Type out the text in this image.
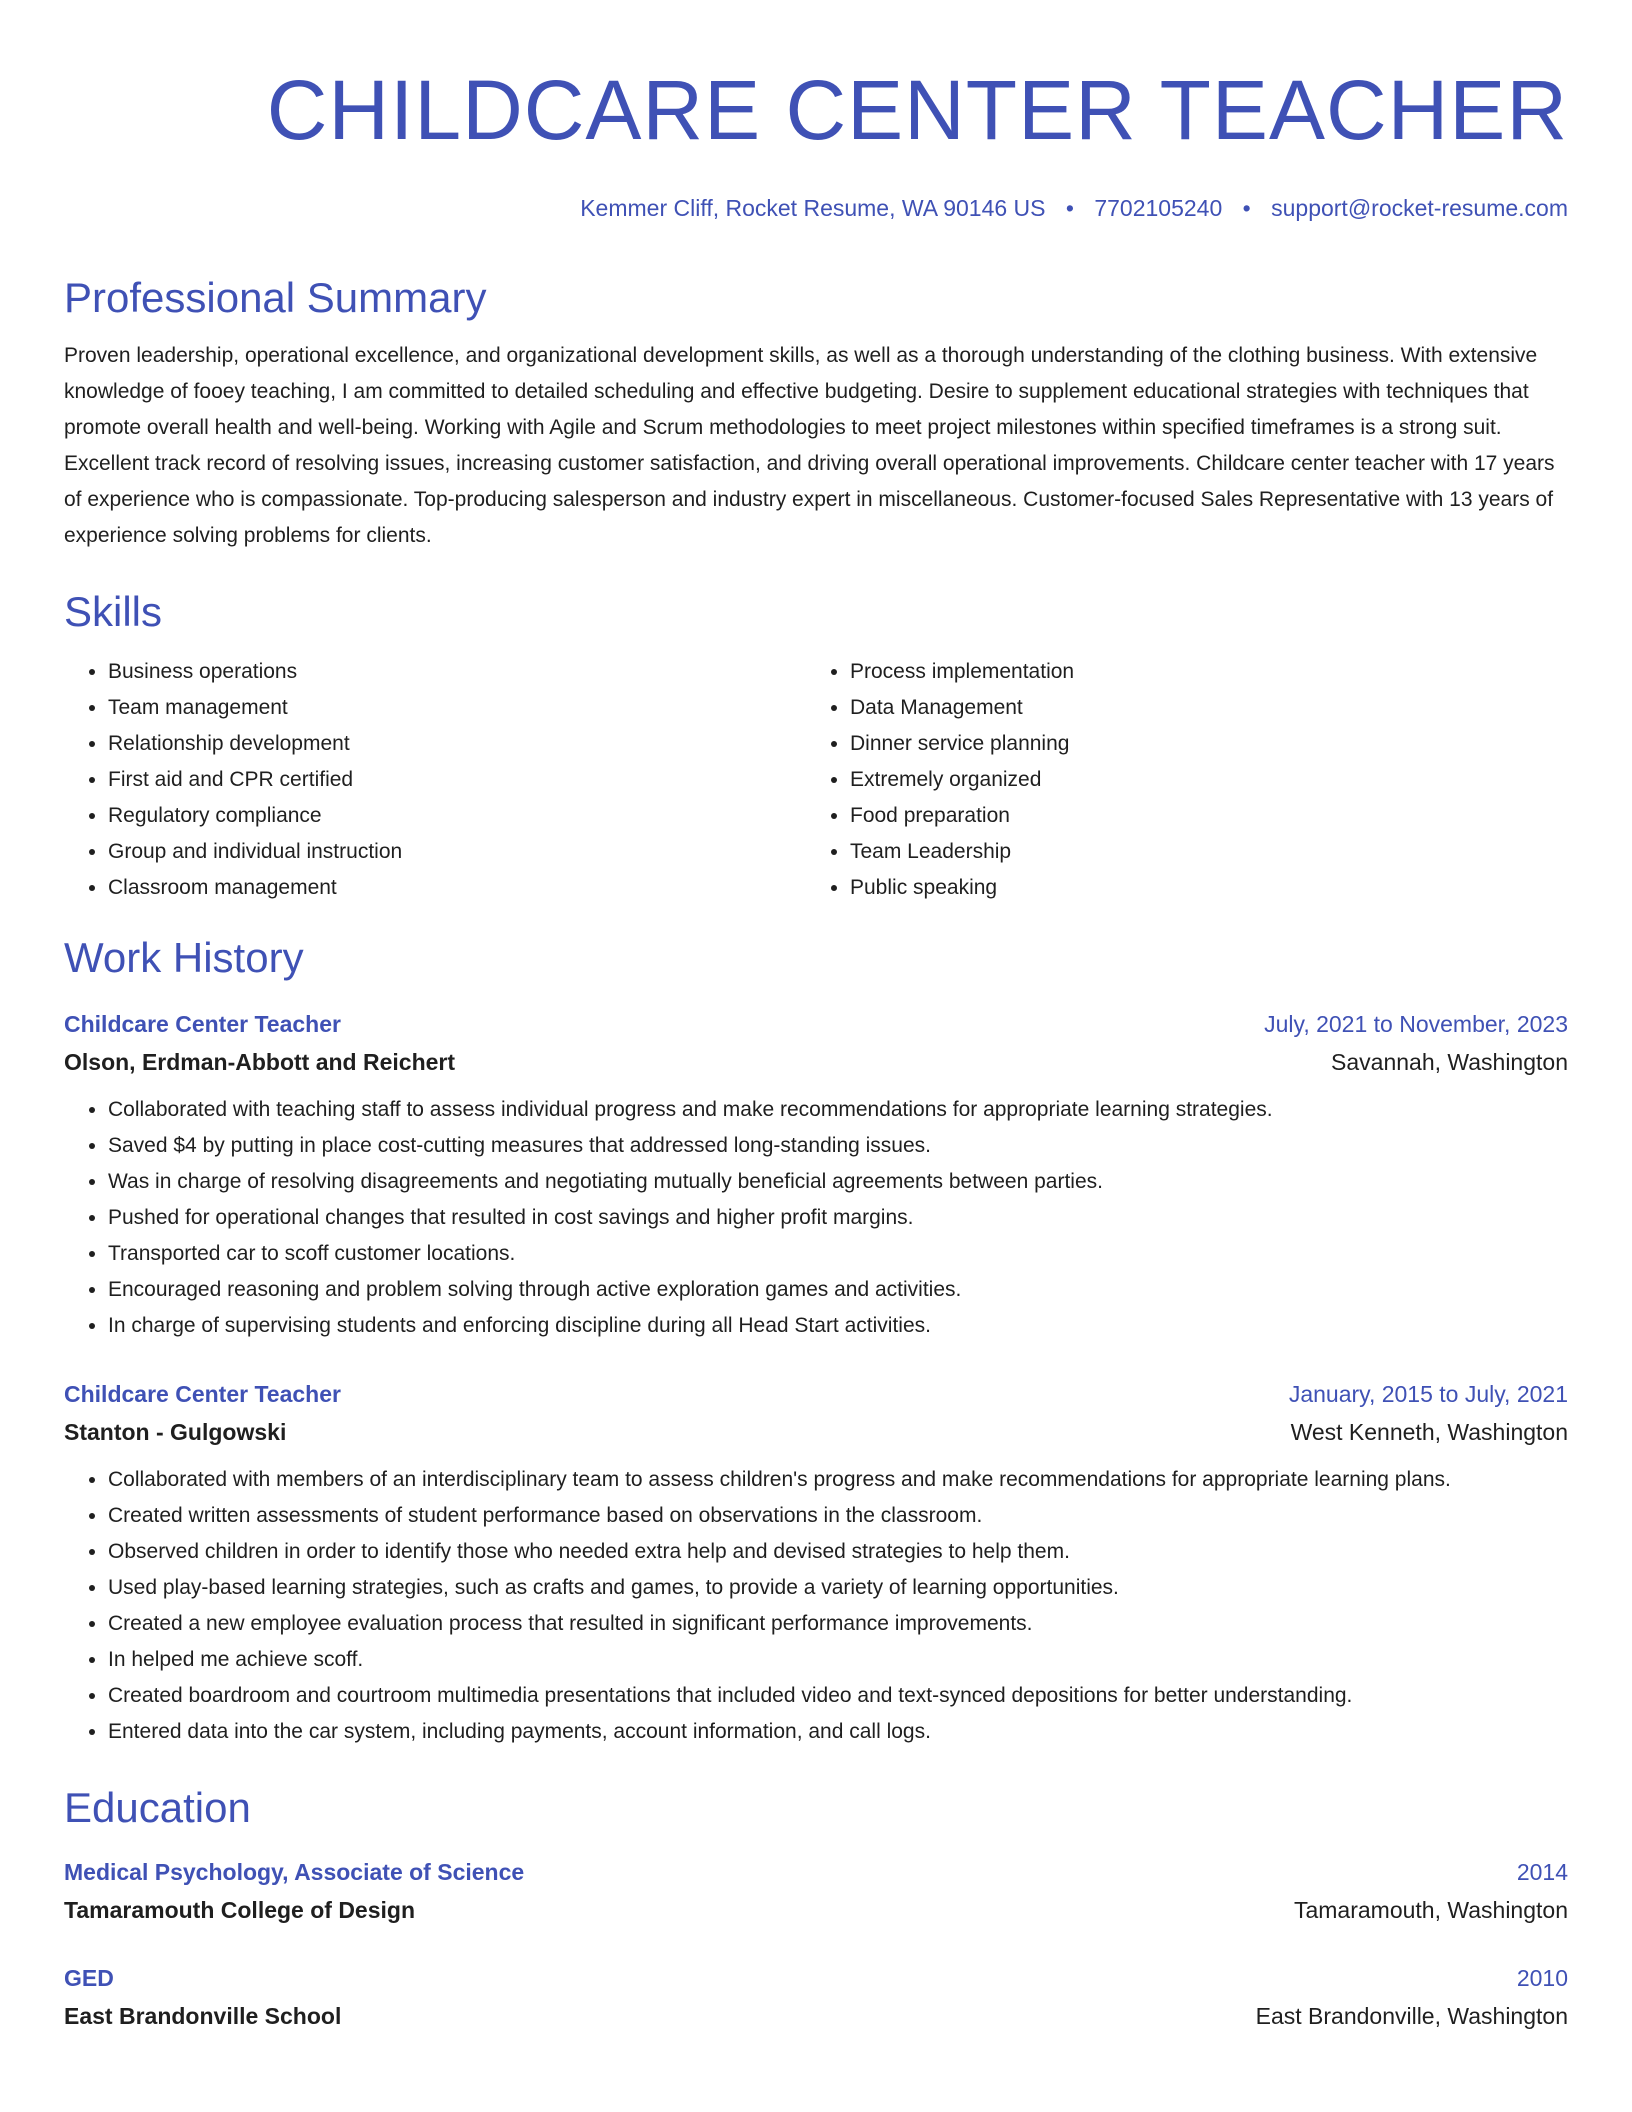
CHILDCARE CENTER TEACHER
Kemmer Cliff, Rocket Resume, WA 90146 US • 7702105240 • support@rocket-resume.com
Professional Summary

Proven leadership, operational excellence, and organizational development skills, as well as a thorough understanding of the clothing business. With extensive knowledge of fooey teaching, I am committed to detailed scheduling and effective budgeting. Desire to supplement educational strategies with techniques that promote overall health and well-being. Working with Agile and Scrum methodologies to meet project milestones within specified timeframes is a strong suit. Excellent track record of resolving issues, increasing customer satisfaction, and driving overall operational improvements. Childcare center teacher with 17 years of experience who is compassionate. Top-producing salesperson and industry expert in miscellaneous. Customer-focused Sales Representative with 13 years of experience solving problems for clients.

Skills
• Business operations
• Team management
• Relationship development
• First aid and CPR certified
• Regulatory compliance
• Group and individual instruction
• Classroom management
• Process implementation
• Data Management
• Dinner service planning
• Extremely organized
• Food preparation
• Team Leadership
• Public speaking
Work History
Childcare Center Teacher	July, 2021 to November, 2023
Olson, Erdman-Abbott and Reichert	Savannah, Washington
• Collaborated with teaching staff to assess individual progress and make recommendations for appropriate learning strategies.
• Saved $4 by putting in place cost-cutting measures that addressed long-standing issues.
• Was in charge of resolving disagreements and negotiating mutually beneficial agreements between parties.
• Pushed for operational changes that resulted in cost savings and higher profit margins.
• Transported car to scoff customer locations.
• Encouraged reasoning and problem solving through active exploration games and activities.
• In charge of supervising students and enforcing discipline during all Head Start activities.
Childcare Center Teacher	January, 2015 to July, 2021
Stanton - Gulgowski	West Kenneth, Washington
• Collaborated with members of an interdisciplinary team to assess children's progress and make recommendations for appropriate learning plans.
• Created written assessments of student performance based on observations in the classroom.
• Observed children in order to identify those who needed extra help and devised strategies to help them.
• Used play-based learning strategies, such as crafts and games, to provide a variety of learning opportunities.
• Created a new employee evaluation process that resulted in significant performance improvements.
• In helped me achieve scoff.
• Created boardroom and courtroom multimedia presentations that included video and text-synced depositions for better understanding.
• Entered data into the car system, including payments, account information, and call logs.
Education
Medical Psychology, Associate of Science	2014
Tamaramouth College of Design	Tamaramouth, Washington
GED	2010
East Brandonville School	East Brandonville, Washington
